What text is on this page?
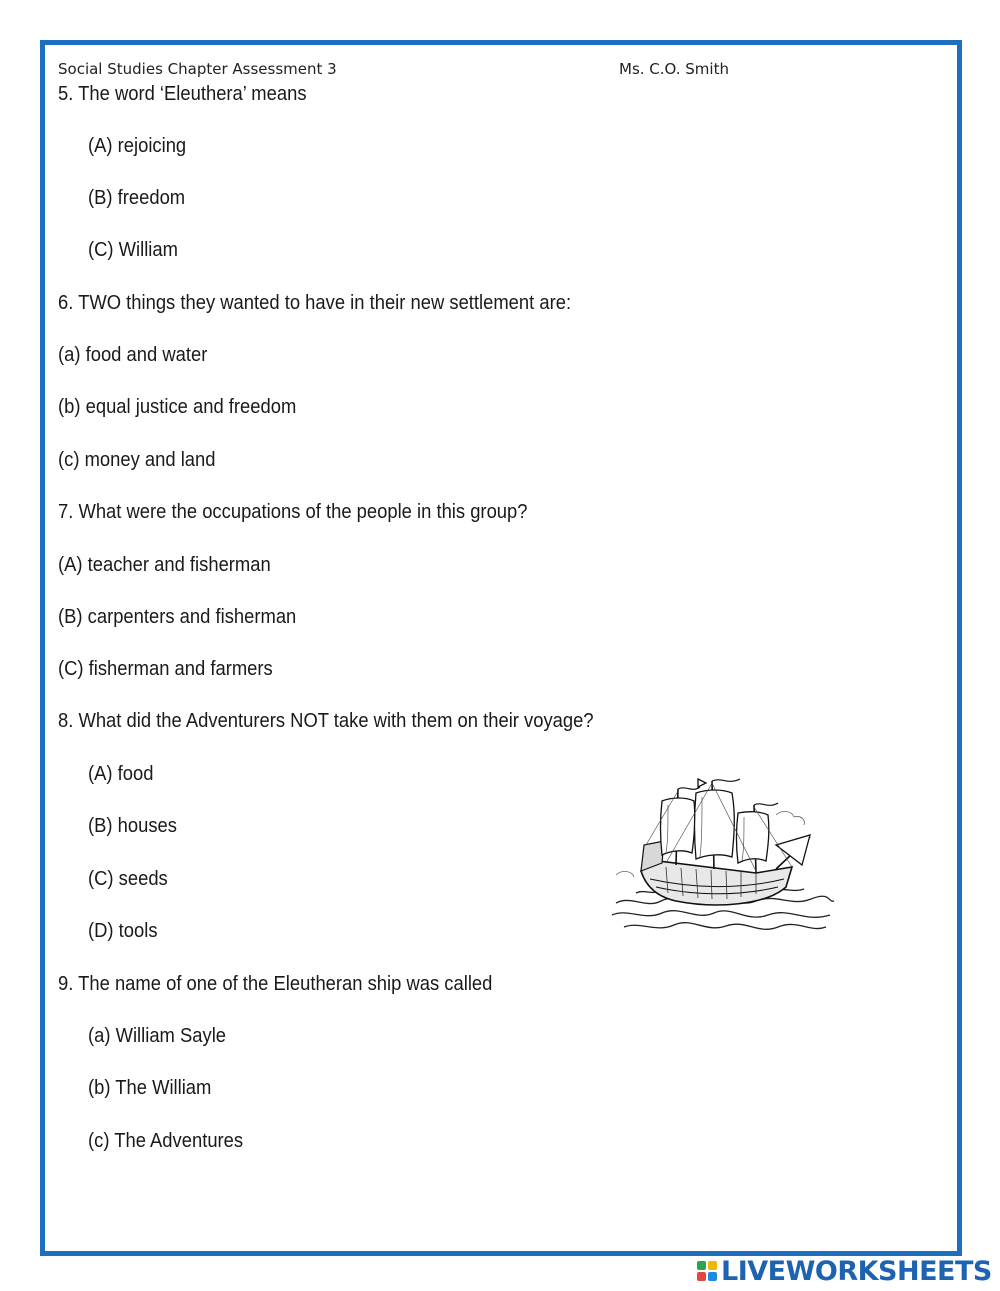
Social Studies Chapter Assessment 3	Ms. C.O. Smith
5. The word ‘Eleuthera’ means
(A) rejoicing
(B) freedom
(C) William
6. TWO things they wanted to have in their new settlement are:
(a) food and water
(b) equal justice and freedom
(c) money and land
7. What were the occupations of the people in this group?
(A) teacher and fisherman
(B) carpenters and fisherman
(C) fisherman and farmers
8. What did the Adventurers NOT take with them on their voyage?
(A) food
(B) houses
(C) seeds
(D) tools
9. The name of one of the Eleutheran ship was called
(a) William Sayle
(b) The William
(c) The Adventures
LIVEWORKSHEETS
